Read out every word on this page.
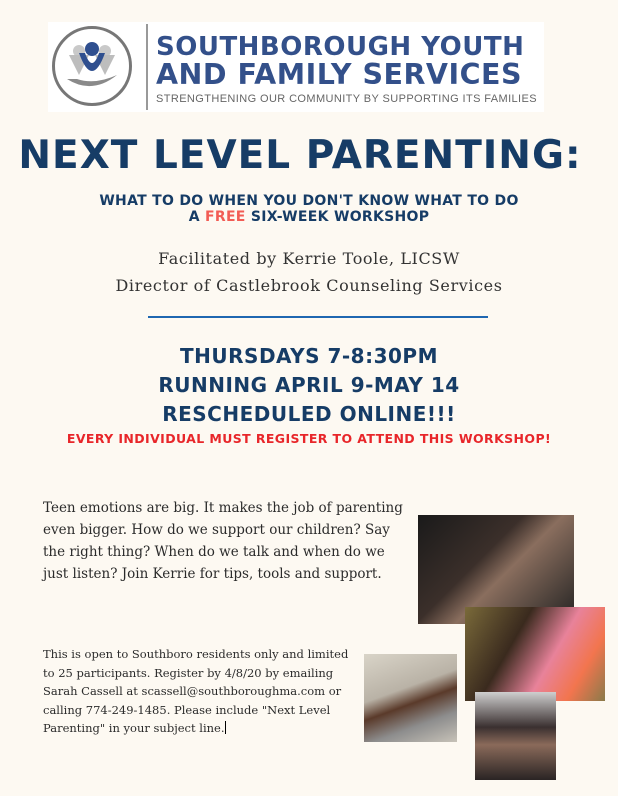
SOUTHBOROUGH YOUTH
AND FAMILY SERVICES
STRENGTHENING OUR COMMUNITY BY SUPPORTING ITS FAMILIES
NEXT LEVEL PARENTING:
WHAT TO DO WHEN YOU DON'T KNOW WHAT TO DO
A FREE SIX-WEEK WORKSHOP
Facilitated by Kerrie Toole, LICSW
Director of Castlebrook Counseling Services
THURSDAYS 7-8:30PM
RUNNING APRIL 9-MAY 14
RESCHEDULED ONLINE!!!
EVERY INDIVIDUAL MUST REGISTER TO ATTEND THIS WORKSHOP!
Teen emotions are big. It makes the job of parenting even bigger. How do we support our children? Say the right thing? When do we talk and when do we just listen? Join Kerrie for tips, tools and support.
This is open to Southboro residents only and limited to 25 participants. Register by 4/8/20 by emailing Sarah Cassell at scassell@southboroughma.com or calling 774-249-1485. Please include "Next Level Parenting" in your subject line.
